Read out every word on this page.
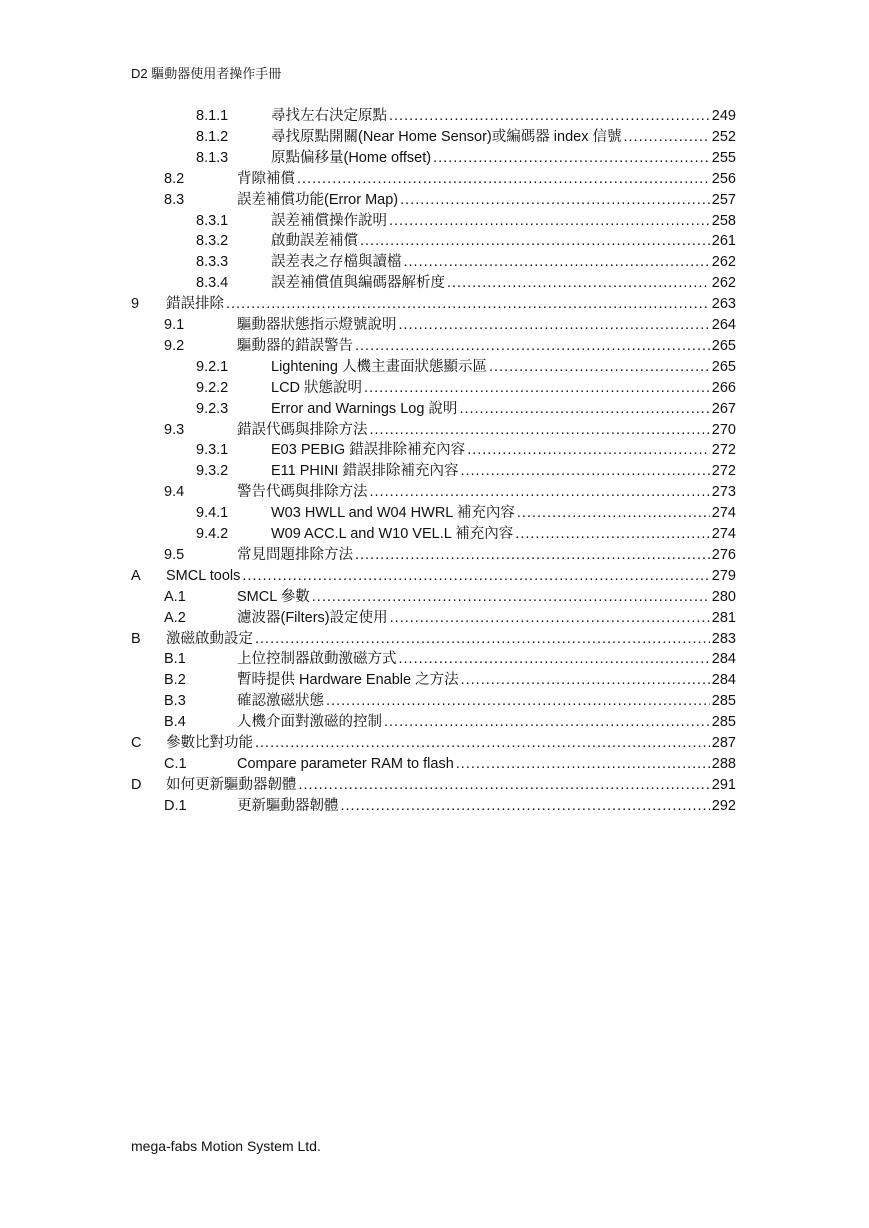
D2 驅動器使用者操作手冊
8.1.1	尋找左右決定原點 .....	249
8.1.2	尋找原點開關(Near Home Sensor)或編碼器 index 信號 .....	252
8.1.3	原點偏移量(Home offset) .....	255
8.2	背隙補償 .....	256
8.3	誤差補償功能(Error Map) .....	257
8.3.1	誤差補償操作說明 .....	258
8.3.2	啟動誤差補償 .....	261
8.3.3	誤差表之存檔與讀檔 .....	262
8.3.4	誤差補償值與編碼器解析度 .....	262
9	錯誤排除 .....	263
9.1	驅動器狀態指示燈號說明 .....	264
9.2	驅動器的錯誤警告 .....	265
9.2.1	Lightening 人機主畫面狀態顯示區 .....	265
9.2.2	LCD 狀態說明 .....	266
9.2.3	Error and Warnings Log 說明 .....	267
9.3	錯誤代碼與排除方法 .....	270
9.3.1	E03 PEBIG 錯誤排除補充內容 .....	272
9.3.2	E11 PHINI 錯誤排除補充內容 .....	272
9.4	警告代碼與排除方法 .....	273
9.4.1	W03 HWLL and W04 HWRL 補充內容 .....	274
9.4.2	W09 ACC.L and W10 VEL.L 補充內容 .....	274
9.5	常見問題排除方法 .....	276
A	SMCL tools .....	279
A.1	SMCL 參數 .....	280
A.2	濾波器(Filters)設定使用 .....	281
B	激磁啟動設定 .....	283
B.1	上位控制器啟動激磁方式 .....	284
B.2	暫時提供 Hardware Enable 之方法 .....	284
B.3	確認激磁狀態 .....	285
B.4	人機介面對激磁的控制 .....	285
C	參數比對功能 .....	287
C.1	Compare parameter RAM to flash .....	288
D	如何更新驅動器韌體 .....	291
D.1	更新驅動器韌體 .....	292
mega-fabs Motion System Ltd.
